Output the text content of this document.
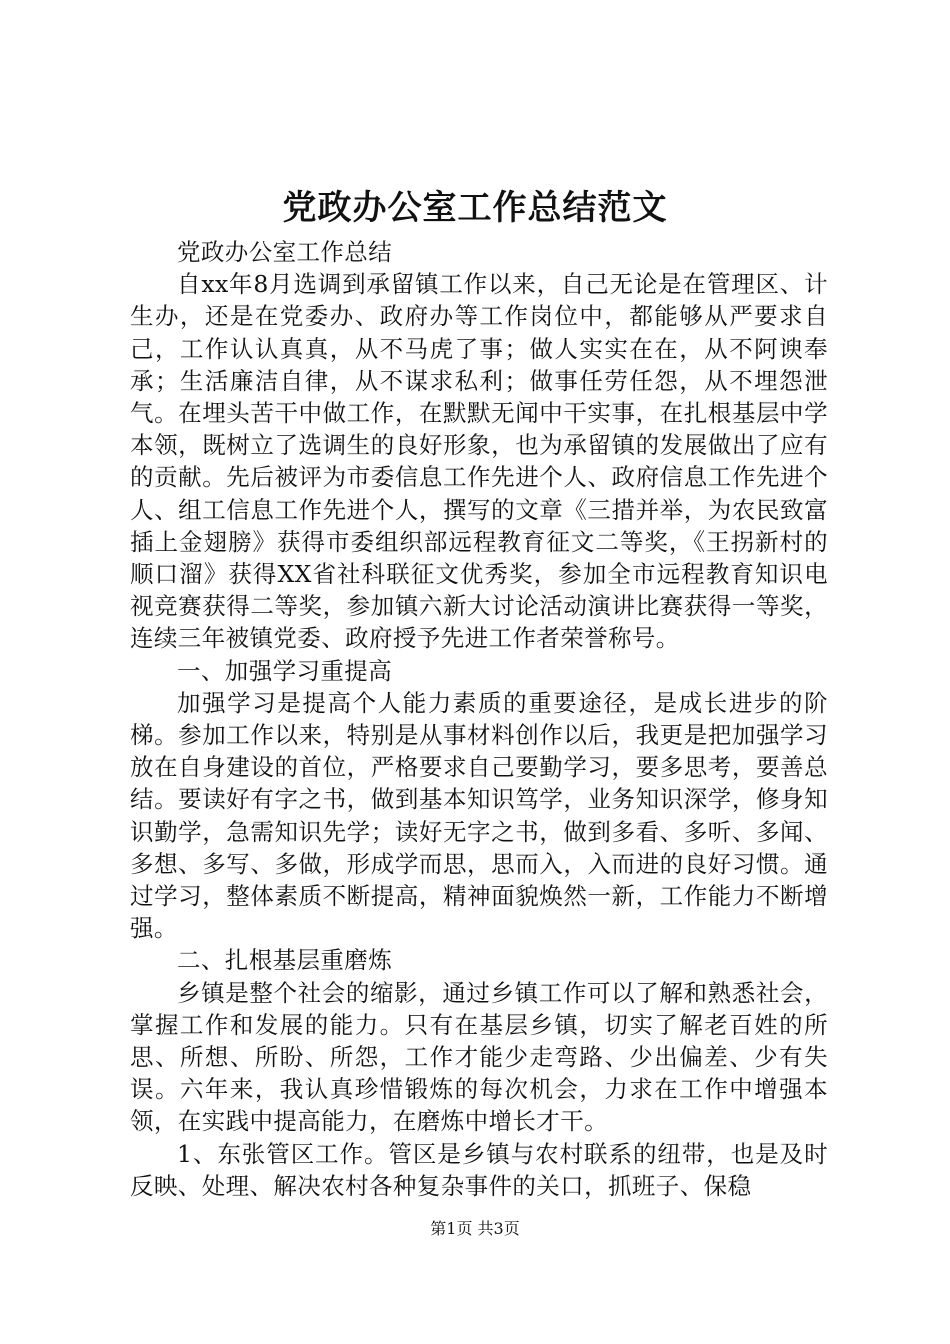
党政办公室工作总结范文

党政办公室工作总结

自xx年8月选调到承留镇工作以来，自己无论是在管理区、计生办，还是在党委办、政府办等工作岗位中，都能够从严要求自己，工作认认真真，从不马虎了事；做人实实在在，从不阿谀奉承；生活廉洁自律，从不谋求私利；做事任劳任怨，从不埋怨泄气。在埋头苦干中做工作，在默默无闻中干实事，在扎根基层中学本领，既树立了选调生的良好形象，也为承留镇的发展做出了应有的贡献。先后被评为市委信息工作先进个人、政府信息工作先进个人、组工信息工作先进个人，撰写的文章《三措并举，为农民致富插上金翅膀》获得市委组织部远程教育征文二等奖，《王拐新村的顺口溜》获得XX省社科联征文优秀奖，参加全市远程教育知识电视竞赛获得二等奖，参加镇六新大讨论活动演讲比赛获得一等奖，连续三年被镇党委、政府授予先进工作者荣誉称号。

一、加强学习重提高

加强学习是提高个人能力素质的重要途径，是成长进步的阶梯。参加工作以来，特别是从事材料创作以后，我更是把加强学习放在自身建设的首位，严格要求自己要勤学习，要多思考，要善总结。要读好有字之书，做到基本知识笃学，业务知识深学，修身知识勤学，急需知识先学；读好无字之书，做到多看、多听、多闻、多想、多写、多做，形成学而思，思而入，入而进的良好习惯。通过学习，整体素质不断提高，精神面貌焕然一新，工作能力不断增强。

二、扎根基层重磨炼

乡镇是整个社会的缩影，通过乡镇工作可以了解和熟悉社会，掌握工作和发展的能力。只有在基层乡镇，切实了解老百姓的所思、所想、所盼、所怨，工作才能少走弯路、少出偏差、少有失误。六年来，我认真珍惜锻炼的每次机会，力求在工作中增强本领，在实践中提高能力，在磨炼中增长才干。

1、东张管区工作。管区是乡镇与农村联系的纽带，也是及时反映、处理、解决农村各种复杂事件的关口，抓班子、保稳

第1页 共3页
